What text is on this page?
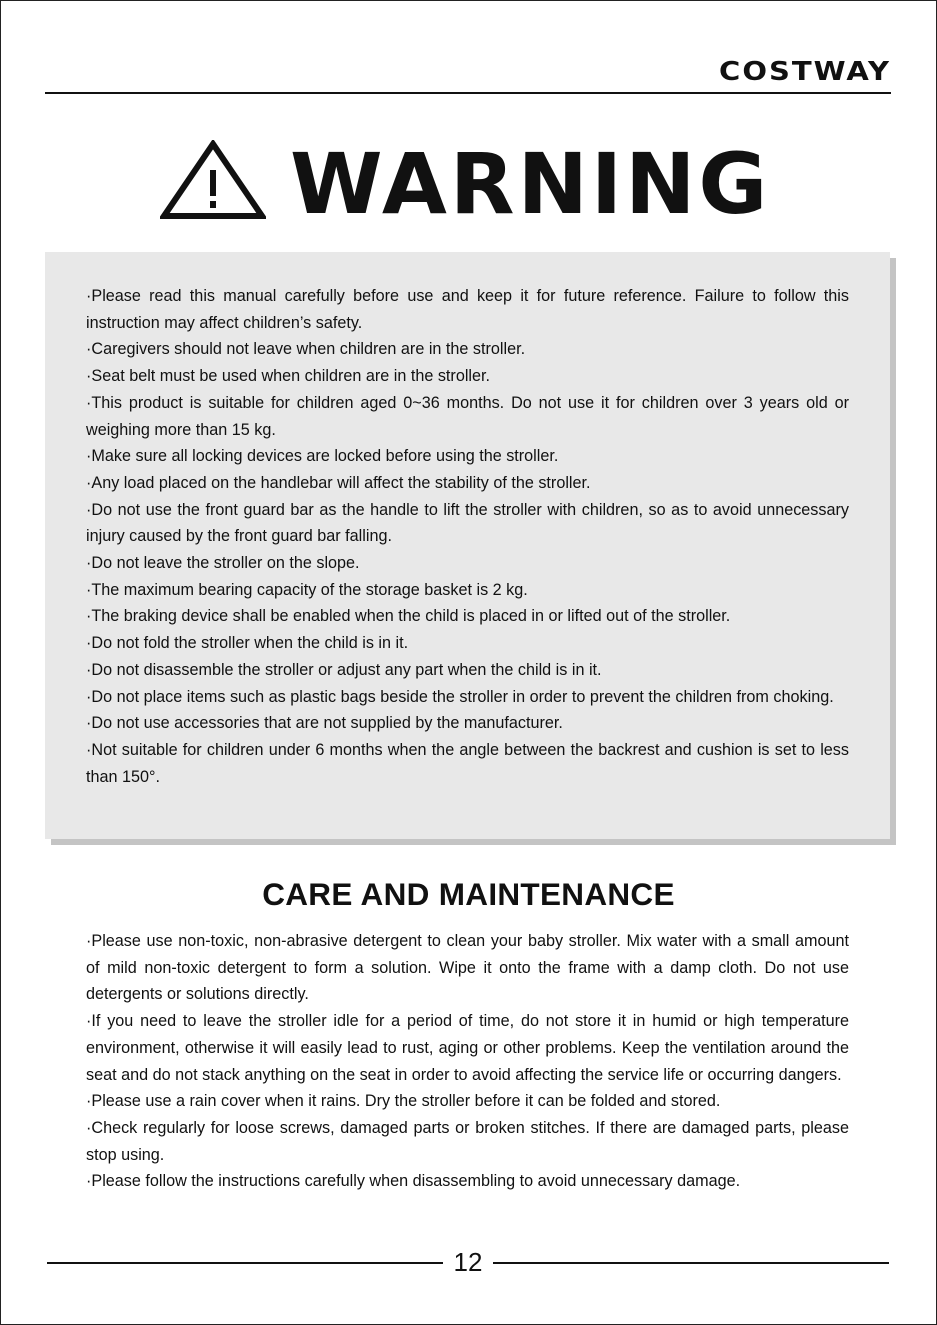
COSTWAY
WARNING
·Please read this manual carefully before use and keep it for future reference. Failure to follow this instruction may affect children’s safety.
·Caregivers should not leave when children are in the stroller.
·Seat belt must be used when children are in the stroller.
·This product is suitable for children aged 0~36 months. Do not use it for children over 3 years old or weighing more than 15 kg.
·Make sure all locking devices are locked before using the stroller.
·Any load placed on the handlebar will affect the stability of the stroller.
·Do not use the front guard bar as the handle to lift the stroller with children, so as to avoid unnecessary injury caused by the front guard bar falling.
·Do not leave the stroller on the slope.
·The maximum bearing capacity of the storage basket is 2 kg.
·The braking device shall be enabled when the child is placed in or lifted out of the stroller.
·Do not fold the stroller when the child is in it.
·Do not disassemble the stroller or adjust any part when the child is in it.
·Do not place items such as plastic bags beside the stroller in order to prevent the children from choking.
·Do not use accessories that are not supplied by the manufacturer.
·Not suitable for children under 6 months when the angle between the backrest and cushion is set to less than 150°.
CARE AND MAINTENANCE
·Please use non-toxic, non-abrasive detergent to clean your baby stroller. Mix water with a small amount of mild non-toxic detergent to form a solution. Wipe it onto the frame with a damp cloth. Do not use detergents or solutions directly.
·If you need to leave the stroller idle for a period of time, do not store it in humid or high temperature environment, otherwise it will easily lead to rust, aging or other problems. Keep the ventilation around the seat and do not stack anything on the seat in order to avoid affecting the service life or occurring dangers.
·Please use a rain cover when it rains. Dry the stroller before it can be folded and stored.
·Check regularly for loose screws, damaged parts or broken stitches. If there are damaged parts, please stop using.
·Please follow the instructions carefully when disassembling to avoid unnecessary damage.
12
